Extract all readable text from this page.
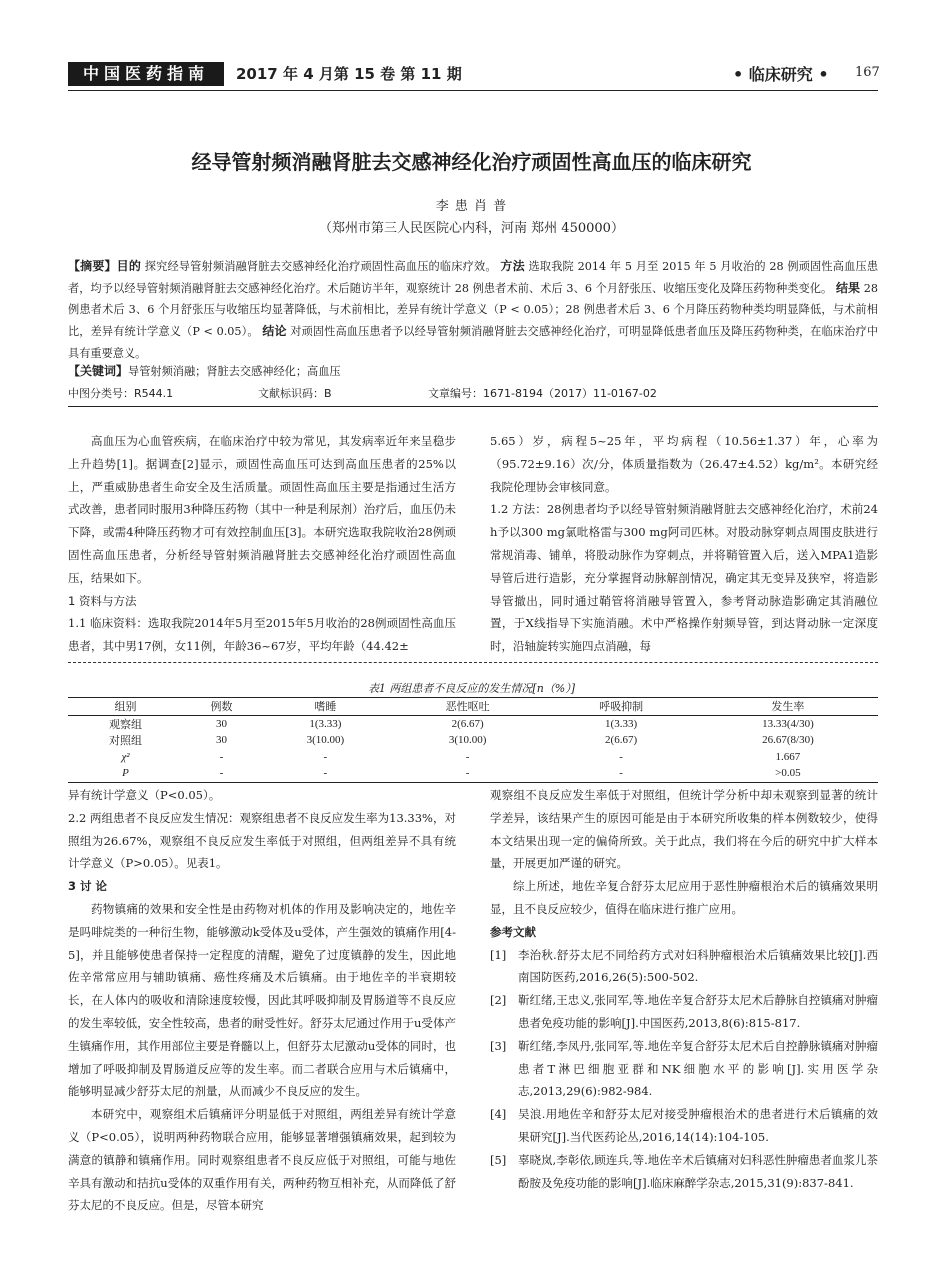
中国医药指南	2017 年 4 月第 15 卷 第 11 期	• 临床研究 • 167
经导管射频消融肾脏去交感神经化治疗顽固性高血压的临床研究
李 患 肖 普
（郑州市第三人民医院心内科，河南 郑州 450000）
【摘要】目的 探究经导管射频消融肾脏去交感神经化治疗顽固性高血压的临床疗效。 方法 选取我院 2014 年 5 月至 2015 年 5 月收治的 28 例顽固性高血压患者，均予以经导管射频消融肾脏去交感神经化治疗。术后随访半年，观察统计 28 例患者术前、术后 3、6 个月舒张压、收缩压变化及降压药物种类变化。 结果 28 例患者术后 3、6 个月舒张压与收缩压均显著降低，与术前相比，差异有统计学意义（P < 0.05）；28 例患者术后 3、6 个月降压药物种类均明显降低，与术前相比，差异有统计学意义（P < 0.05）。 结论 对顽固性高血压患者予以经导管射频消融肾脏去交感神经化治疗，可明显降低患者血压及降压药物种类，在临床治疗中具有重要意义。
【关键词】导管射频消融；肾脏去交感神经化；高血压
中图分类号：R544.1	文献标识码：B	文章编号：1671-8194（2017）11-0167-02

高血压为心血管疾病，在临床治疗中较为常见，其发病率近年来呈稳步上升趋势[1]。据调查[2]显示，顽固性高血压可达到高血压患者的25%以上，严重威胁患者生命安全及生活质量。顽固性高血压主要是指通过生活方式改善，患者同时服用3种降压药物（其中一种是利尿剂）治疗后，血压仍未下降，或需4种降压药物才可有效控制血压[3]。本研究选取我院收治28例顽固性高血压患者，分析经导管射频消融肾脏去交感神经化治疗顽固性高血压，结果如下。

1 资料与方法

1.1 临床资料：选取我院2014年5月至2015年5月收治的28例顽固性高血压患者，其中男17例，女11例，年龄36~67岁，平均年龄（44.42±

5.65）岁，病程5~25年，平均病程（10.56±1.37）年，心率为（95.72±9.16）次/分，体质量指数为（26.47±4.52）kg/m²。本研究经我院伦理协会审核同意。

1.2 方法：28例患者均予以经导管射频消融肾脏去交感神经化治疗，术前24 h予以300 mg氯吡格雷与300 mg阿司匹林。对股动脉穿刺点周围皮肤进行常规消毒、铺单，将股动脉作为穿刺点，并将鞘管置入后，送入MPA1造影导管后进行造影，充分掌握肾动脉解剖情况，确定其无变异及狭窄，将造影导管撤出，同时通过鞘管将消融导管置入，参考肾动脉造影确定其消融位置，于X线指导下实施消融。术中严格操作射频导管，到达肾动脉一定深度时，沿轴旋转实施四点消融，每

表1 两组患者不良反应的发生情况[n（%）]
组别	例数	嗜睡	恶性呕吐	呼吸抑制	发生率
观察组	30	1(3.33)	2(6.67)	1(3.33)	13.33(4/30)
对照组	30	3(10.00)	3(10.00)	2(6.67)	26.67(8/30)
χ²	-	-	-	-	1.667
P	-	-	-	-	>0.05

异有统计学意义（P<0.05）。

2.2 两组患者不良反应发生情况：观察组患者不良反应发生率为13.33%，对照组为26.67%，观察组不良反应发生率低于对照组，但两组差异不具有统计学意义（P>0.05）。见表1。

3 讨 论

药物镇痛的效果和安全性是由药物对机体的作用及影响决定的，地佐辛是吗啡烷类的一种衍生物，能够激动k受体及u受体，产生强效的镇痛作用[4-5]，并且能够使患者保持一定程度的清醒，避免了过度镇静的发生，因此地佐辛常常应用与辅助镇痛、癌性疼痛及术后镇痛。由于地佐辛的半衰期较长，在人体内的吸收和清除速度较慢，因此其呼吸抑制及胃肠道等不良反应的发生率较低，安全性较高，患者的耐受性好。舒芬太尼通过作用于u受体产生镇痛作用，其作用部位主要是脊髓以上，但舒芬太尼激动u受体的同时，也增加了呼吸抑制及胃肠道反应等的发生率。而二者联合应用与术后镇痛中，能够明显减少舒芬太尼的剂量，从而减少不良反应的发生。

本研究中，观察组术后镇痛评分明显低于对照组，两组差异有统计学意义（P<0.05），说明两种药物联合应用，能够显著增强镇痛效果，起到较为满意的镇静和镇痛作用。同时观察组患者不良反应低于对照组，可能与地佐辛具有激动和拮抗u受体的双重作用有关，两种药物互相补充，从而降低了舒芬太尼的不良反应。但是，尽管本研究

观察组不良反应发生率低于对照组，但统计学分析中却未观察到显著的统计学差异，该结果产生的原因可能是由于本研究所收集的样本例数较少，使得本文结果出现一定的偏倚所致。关于此点，我们将在今后的研究中扩大样本量，开展更加严谨的研究。

综上所述，地佐辛复合舒芬太尼应用于恶性肿瘤根治术后的镇痛效果明显，且不良反应较少，值得在临床进行推广应用。

参考文献
[1]	李治秋.舒芬太尼不同给药方式对妇科肿瘤根治术后镇痛效果比较[J].西南国防医药,2016,26(5):500-502.
[2]	靳红绪,王忠义,张同军,等.地佐辛复合舒芬太尼术后静脉自控镇痛对肿瘤患者免疫功能的影响[J].中国医药,2013,8(6):815-817.
[3]	靳红绪,李凤丹,张同军,等.地佐辛复合舒芬太尼术后自控静脉镇痛对肿瘤患者T淋巴细胞亚群和NK细胞水平的影响[J].实用医学杂志,2013,29(6):982-984.
[4]	吴浪.用地佐辛和舒芬太尼对接受肿瘤根治术的患者进行术后镇痛的效果研究[J].当代医药论丛,2016,14(14):104-105.
[5]	辜晓岚,李彰依,顾连兵,等.地佐辛术后镇痛对妇科恶性肿瘤患者血浆儿茶酚胺及免疫功能的影响[J].临床麻醉学杂志,2015,31(9):837-841.
